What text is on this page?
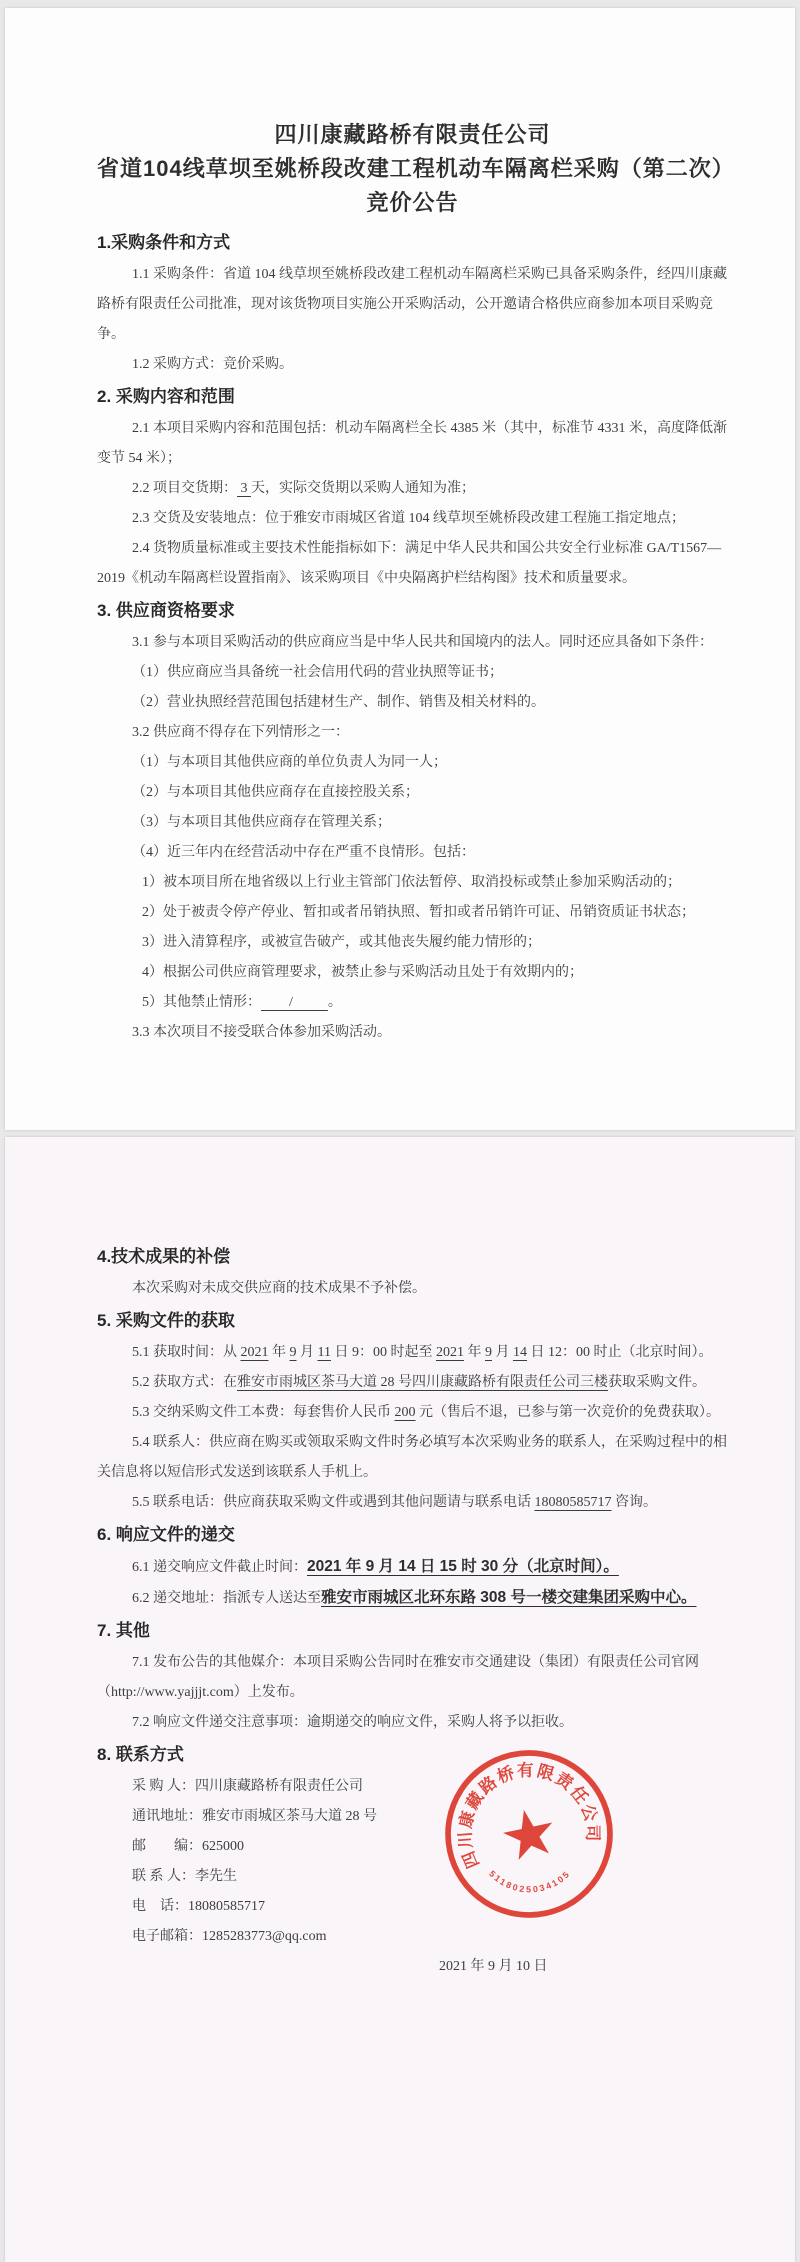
四川康藏路桥有限责任公司
省道104线草坝至姚桥段改建工程机动车隔离栏采购（第二次）
竞价公告
1.采购条件和方式

1.1 采购条件：省道 104 线草坝至姚桥段改建工程机动车隔离栏采购已具备采购条件，经四川康藏路桥有限责任公司批准，现对该货物项目实施公开采购活动，公开邀请合格供应商参加本项目采购竞争。

1.2 采购方式：竞价采购。

2. 采购内容和范围

2.1 本项目采购内容和范围包括：机动车隔离栏全长 4385 米（其中，标准节 4331 米，高度降低渐变节 54 米）；

2.2 项目交货期： 3 天，实际交货期以采购人通知为准；

2.3 交货及安装地点：位于雅安市雨城区省道 104 线草坝至姚桥段改建工程施工指定地点；

2.4 货物质量标准或主要技术性能指标如下：满足中华人民共和国公共安全行业标准 GA/T1567—2019《机动车隔离栏设置指南》、该采购项目《中央隔离护栏结构图》技术和质量要求。

3. 供应商资格要求

3.1 参与本项目采购活动的供应商应当是中华人民共和国境内的法人。同时还应具备如下条件：

（1）供应商应当具备统一社会信用代码的营业执照等证书；

（2）营业执照经营范围包括建材生产、制作、销售及相关材料的。

3.2 供应商不得存在下列情形之一：

（1）与本项目其他供应商的单位负责人为同一人；

（2）与本项目其他供应商存在直接控股关系；

（3）与本项目其他供应商存在管理关系；

（4）近三年内在经营活动中存在严重不良情形。包括：

1）被本项目所在地省级以上行业主管部门依法暂停、取消投标或禁止参加采购活动的；

2）处于被责令停产停业、暂扣或者吊销执照、暂扣或者吊销许可证、吊销资质证书状态；

3）进入清算程序，或被宣告破产，或其他丧失履约能力情形的；

4）根据公司供应商管理要求，被禁止参与采购活动且处于有效期内的；

5）其他禁止情形：        /          。

3.3 本次项目不接受联合体参加采购活动。

4.技术成果的补偿

本次采购对未成交供应商的技术成果不予补偿。

5. 采购文件的获取

5.1 获取时间：从 2021 年 9 月 11 日 9：00 时起至 2021 年 9 月 14 日 12：00 时止（北京时间）。

5.2 获取方式：在雅安市雨城区茶马大道 28 号四川康藏路桥有限责任公司三楼获取采购文件。

5.3 交纳采购文件工本费：每套售价人民币 200 元（售后不退，已参与第一次竞价的免费获取）。

5.4 联系人：供应商在购买或领取采购文件时务必填写本次采购业务的联系人，在采购过程中的相关信息将以短信形式发送到该联系人手机上。

5.5 联系电话：供应商获取采购文件或遇到其他问题请与联系电话 18080585717 咨询。

6. 响应文件的递交

6.1 递交响应文件截止时间：2021 年 9 月 14 日 15 时 30 分（北京时间）。

6.2 递交地址：指派专人送达至雅安市雨城区北环东路 308 号一楼交建集团采购中心。

7. 其他

7.1 发布公告的其他媒介：本项目采购公告同时在雅安市交通建设（集团）有限责任公司官网（http://www.yajjjt.com）上发布。

7.2 响应文件递交注意事项：逾期递交的响应文件，采购人将予以拒收。

8. 联系方式

采 购 人：四川康藏路桥有限责任公司

通讯地址：雅安市雨城区茶马大道 28 号

邮　　编：625000

联 系 人：李先生

电　话：18080585717

电子邮箱：1285283773@qq.com

2021 年 9 月 10 日

四川康藏路桥有限责任公司
5118025034105
